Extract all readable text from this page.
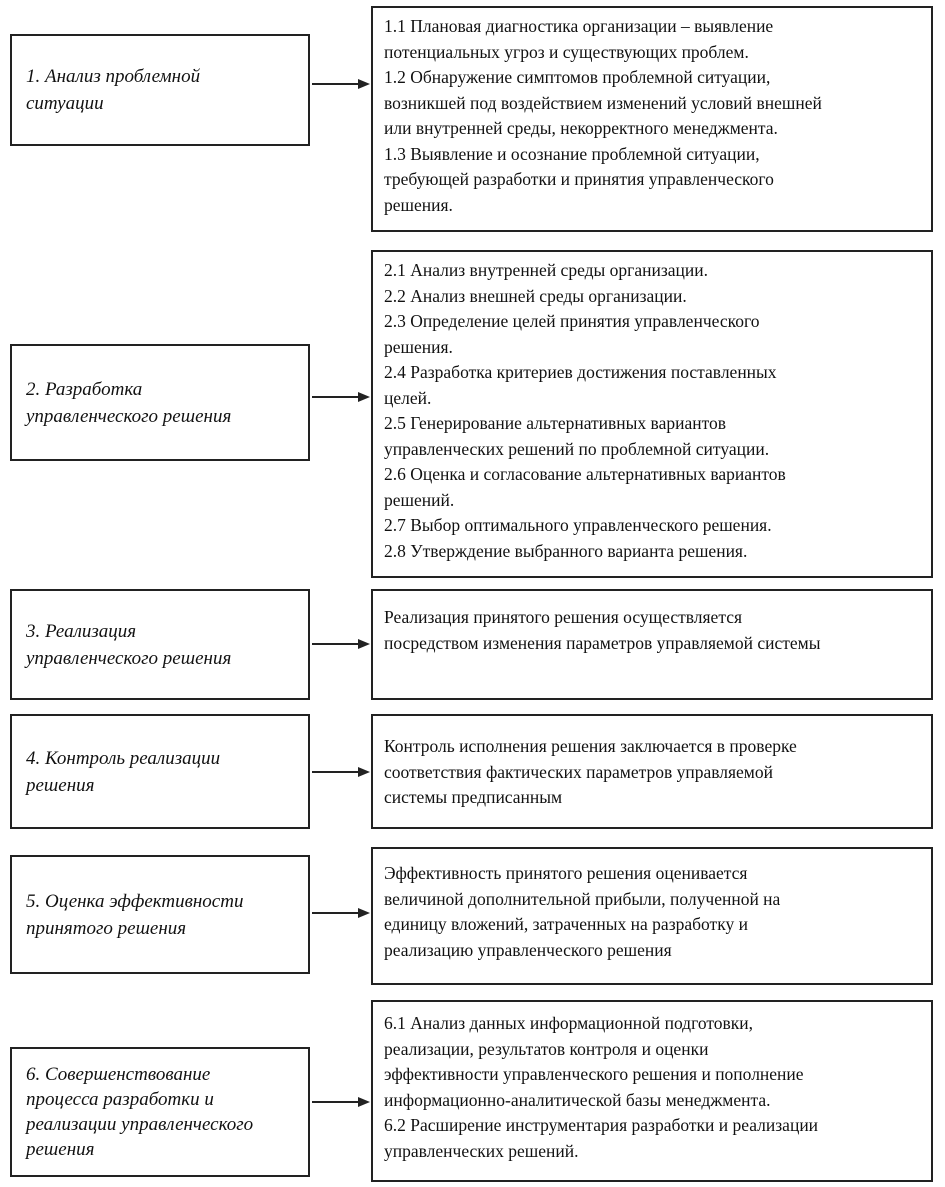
1. Анализ проблемной
ситуации
1.1 Плановая диагностика организации – выявление
потенциальных угроз и существующих проблем.
1.2 Обнаружение симптомов проблемной ситуации,
возникшей под воздействием изменений условий внешней
или внутренней среды, некорректного менеджмента.
1.3 Выявление и осознание проблемной ситуации,
требующей разработки и принятия управленческого
решения.
2. Разработка
управленческого решения
2.1 Анализ внутренней среды организации.
2.2 Анализ внешней среды организации.
2.3 Определение целей принятия управленческого
решения.
2.4 Разработка критериев достижения поставленных
целей.
2.5 Генерирование альтернативных вариантов
управленческих решений по проблемной ситуации.
2.6 Оценка и согласование альтернативных вариантов
решений.
2.7 Выбор оптимального управленческого решения.
2.8 Утверждение выбранного варианта решения.
3. Реализация
управленческого решения
Реализация принятого решения осуществляется
посредством изменения параметров управляемой системы
4. Контроль реализации
решения
Контроль исполнения решения заключается в проверке
соответствия фактических параметров управляемой
системы предписанным
5. Оценка эффективности
принятого решения
Эффективность принятого решения оценивается
величиной дополнительной прибыли, полученной на
единицу вложений, затраченных на разработку и
реализацию управленческого решения
6. Совершенствование
процесса разработки и
реализации управленческого
решения
6.1 Анализ данных информационной подготовки,
реализации, результатов контроля и оценки
эффективности управленческого решения и пополнение
информационно-аналитической базы менеджмента.
6.2 Расширение инструментария разработки и реализации
управленческих решений.
